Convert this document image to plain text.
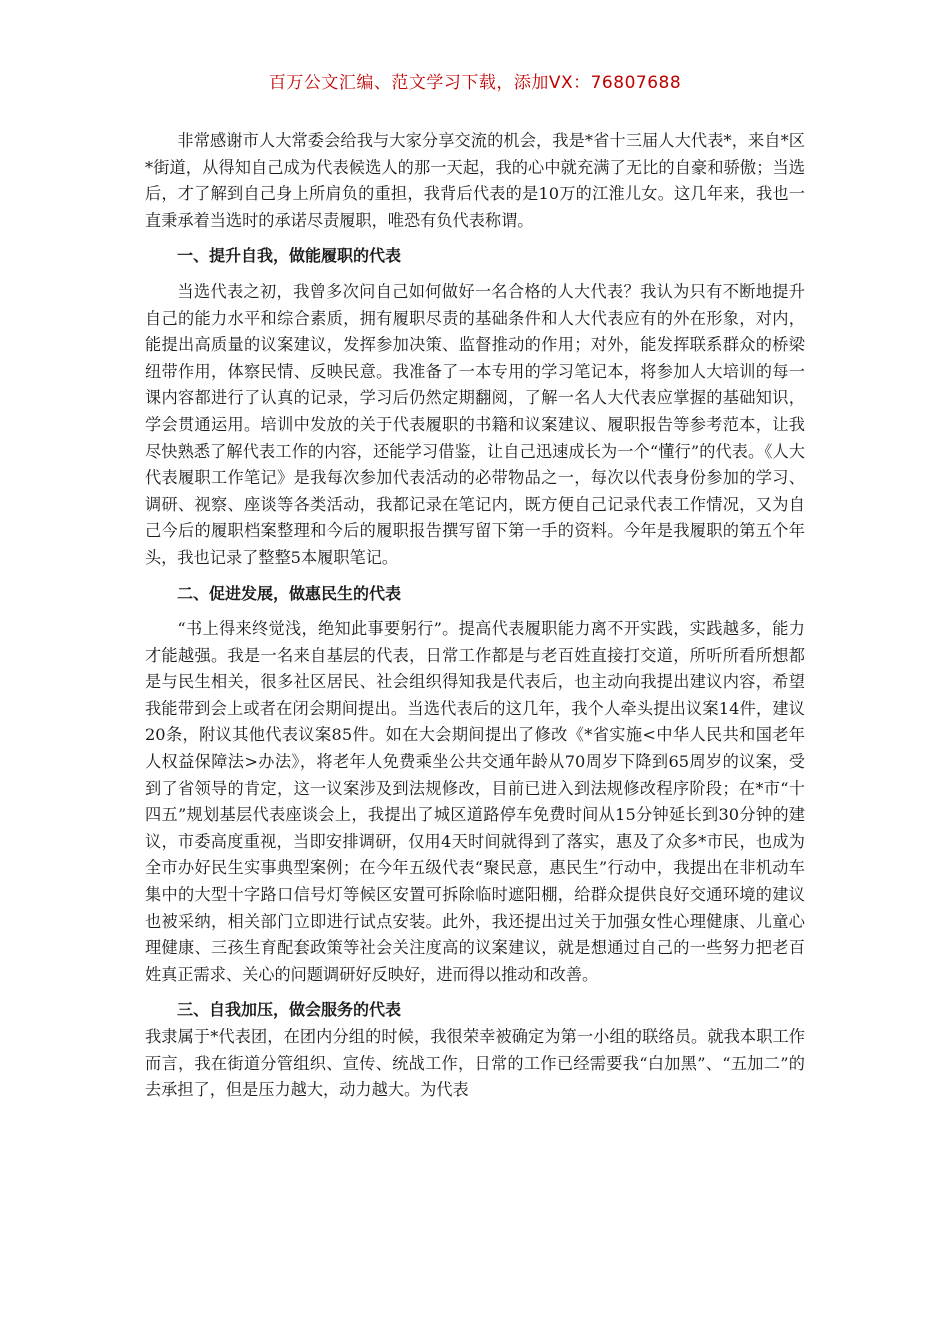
百万公文汇编、范文学习下载，添加VX：76807688

非常感谢市人大常委会给我与大家分享交流的机会，我是*省十三届人大代表*，来自*区*街道，从得知自己成为代表候选人的那一天起，我的心中就充满了无比的自豪和骄傲；当选后，才了解到自己身上所肩负的重担，我背后代表的是10万的江淮儿女。这几年来，我也一直秉承着当选时的承诺尽责履职，唯恐有负代表称谓。

一、提升自我，做能履职的代表

当选代表之初，我曾多次问自己如何做好一名合格的人大代表？我认为只有不断地提升自己的能力水平和综合素质，拥有履职尽责的基础条件和人大代表应有的外在形象，对内，能提出高质量的议案建议，发挥参加决策、监督推动的作用；对外，能发挥联系群众的桥梁纽带作用，体察民情、反映民意。我准备了一本专用的学习笔记本，将参加人大培训的每一课内容都进行了认真的记录，学习后仍然定期翻阅，了解一名人大代表应掌握的基础知识，学会贯通运用。培训中发放的关于代表履职的书籍和议案建议、履职报告等参考范本，让我尽快熟悉了解代表工作的内容，还能学习借鉴，让自己迅速成长为一个“懂行”的代表。《人大代表履职工作笔记》是我每次参加代表活动的必带物品之一，每次以代表身份参加的学习、调研、视察、座谈等各类活动，我都记录在笔记内，既方便自己记录代表工作情况，又为自己今后的履职档案整理和今后的履职报告撰写留下第一手的资料。今年是我履职的第五个年头，我也记录了整整5本履职笔记。

二、促进发展，做惠民生的代表

“书上得来终觉浅，绝知此事要躬行”。提高代表履职能力离不开实践，实践越多，能力才能越强。我是一名来自基层的代表，日常工作都是与老百姓直接打交道，所听所看所想都是与民生相关，很多社区居民、社会组织得知我是代表后，也主动向我提出建议内容，希望我能带到会上或者在闭会期间提出。当选代表后的这几年，我个人牵头提出议案14件，建议20条，附议其他代表议案85件。如在大会期间提出了修改《*省实施<中华人民共和国老年人权益保障法>办法》，将老年人免费乘坐公共交通年龄从70周岁下降到65周岁的议案，受到了省领导的肯定，这一议案涉及到法规修改，目前已进入到法规修改程序阶段；在*市“十四五”规划基层代表座谈会上，我提出了城区道路停车免费时间从15分钟延长到30分钟的建议，市委高度重视，当即安排调研，仅用4天时间就得到了落实，惠及了众多*市民，也成为全市办好民生实事典型案例；在今年五级代表“聚民意，惠民生”行动中，我提出在非机动车集中的大型十字路口信号灯等候区安置可拆除临时遮阳棚，给群众提供良好交通环境的建议也被采纳，相关部门立即进行试点安装。此外，我还提出过关于加强女性心理健康、儿童心理健康、三孩生育配套政策等社会关注度高的议案建议，就是想通过自己的一些努力把老百姓真正需求、关心的问题调研好反映好，进而得以推动和改善。

三、自我加压，做会服务的代表

我隶属于*代表团，在团内分组的时候，我很荣幸被确定为第一小组的联络员。就我本职工作而言，我在街道分管组织、宣传、统战工作，日常的工作已经需要我“白加黑”、“五加二”的去承担了，但是压力越大，动力越大。为代表
